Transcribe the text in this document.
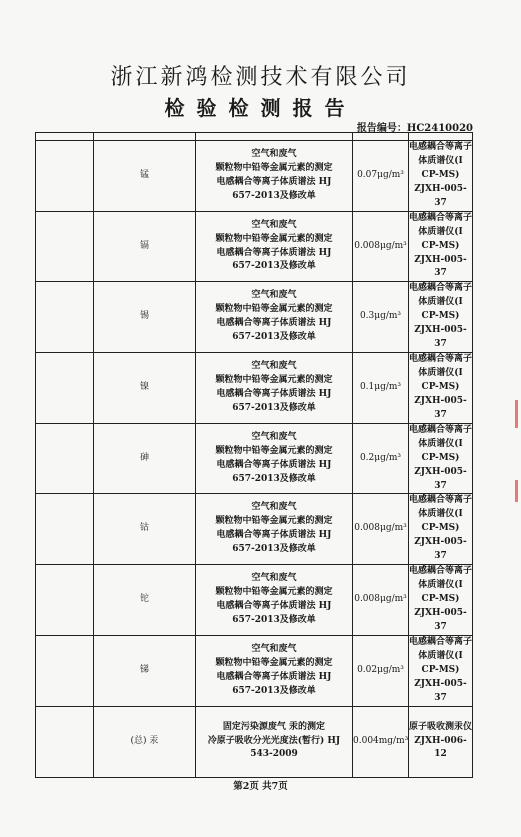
浙江新鸿检测技术有限公司
检验检测报告
报告编号：HC2410020

	锰	空气和废气
颗粒物中铅等金属元素的测定
电感耦合等离子体质谱法 HJ
657-2013及修改单	0.07μg/m³	电感耦合等离子体质谱仪(I
CP-MS) ZJXH-005-37

	镉	空气和废气
颗粒物中铅等金属元素的测定
电感耦合等离子体质谱法 HJ
657-2013及修改单	0.008μg/m³	电感耦合等离子体质谱仪(I
CP-MS) ZJXH-005-37

	锡	空气和废气
颗粒物中铅等金属元素的测定
电感耦合等离子体质谱法 HJ
657-2013及修改单	0.3μg/m³	电感耦合等离子体质谱仪(I
CP-MS) ZJXH-005-37

	镍	空气和废气
颗粒物中铅等金属元素的测定
电感耦合等离子体质谱法 HJ
657-2013及修改单	0.1μg/m³	电感耦合等离子体质谱仪(I
CP-MS) ZJXH-005-37

	砷	空气和废气
颗粒物中铅等金属元素的测定
电感耦合等离子体质谱法 HJ
657-2013及修改单	0.2μg/m³	电感耦合等离子体质谱仪(I
CP-MS) ZJXH-005-37

	钴	空气和废气
颗粒物中铅等金属元素的测定
电感耦合等离子体质谱法 HJ
657-2013及修改单	0.008μg/m³	电感耦合等离子体质谱仪(I
CP-MS) ZJXH-005-37

	铊	空气和废气
颗粒物中铅等金属元素的测定
电感耦合等离子体质谱法 HJ
657-2013及修改单	0.008μg/m³	电感耦合等离子体质谱仪(I
CP-MS) ZJXH-005-37

	锑	空气和废气
颗粒物中铅等金属元素的测定
电感耦合等离子体质谱法 HJ
657-2013及修改单	0.02μg/m³	电感耦合等离子体质谱仪(I
CP-MS) ZJXH-005-37

	(总) 汞	固定污染源废气 汞的测定
冷原子吸收分光光度法(暂行) HJ
543-2009	0.004mg/m³	原子吸收测汞仪
ZJXH-006-12
第2页 共7页
